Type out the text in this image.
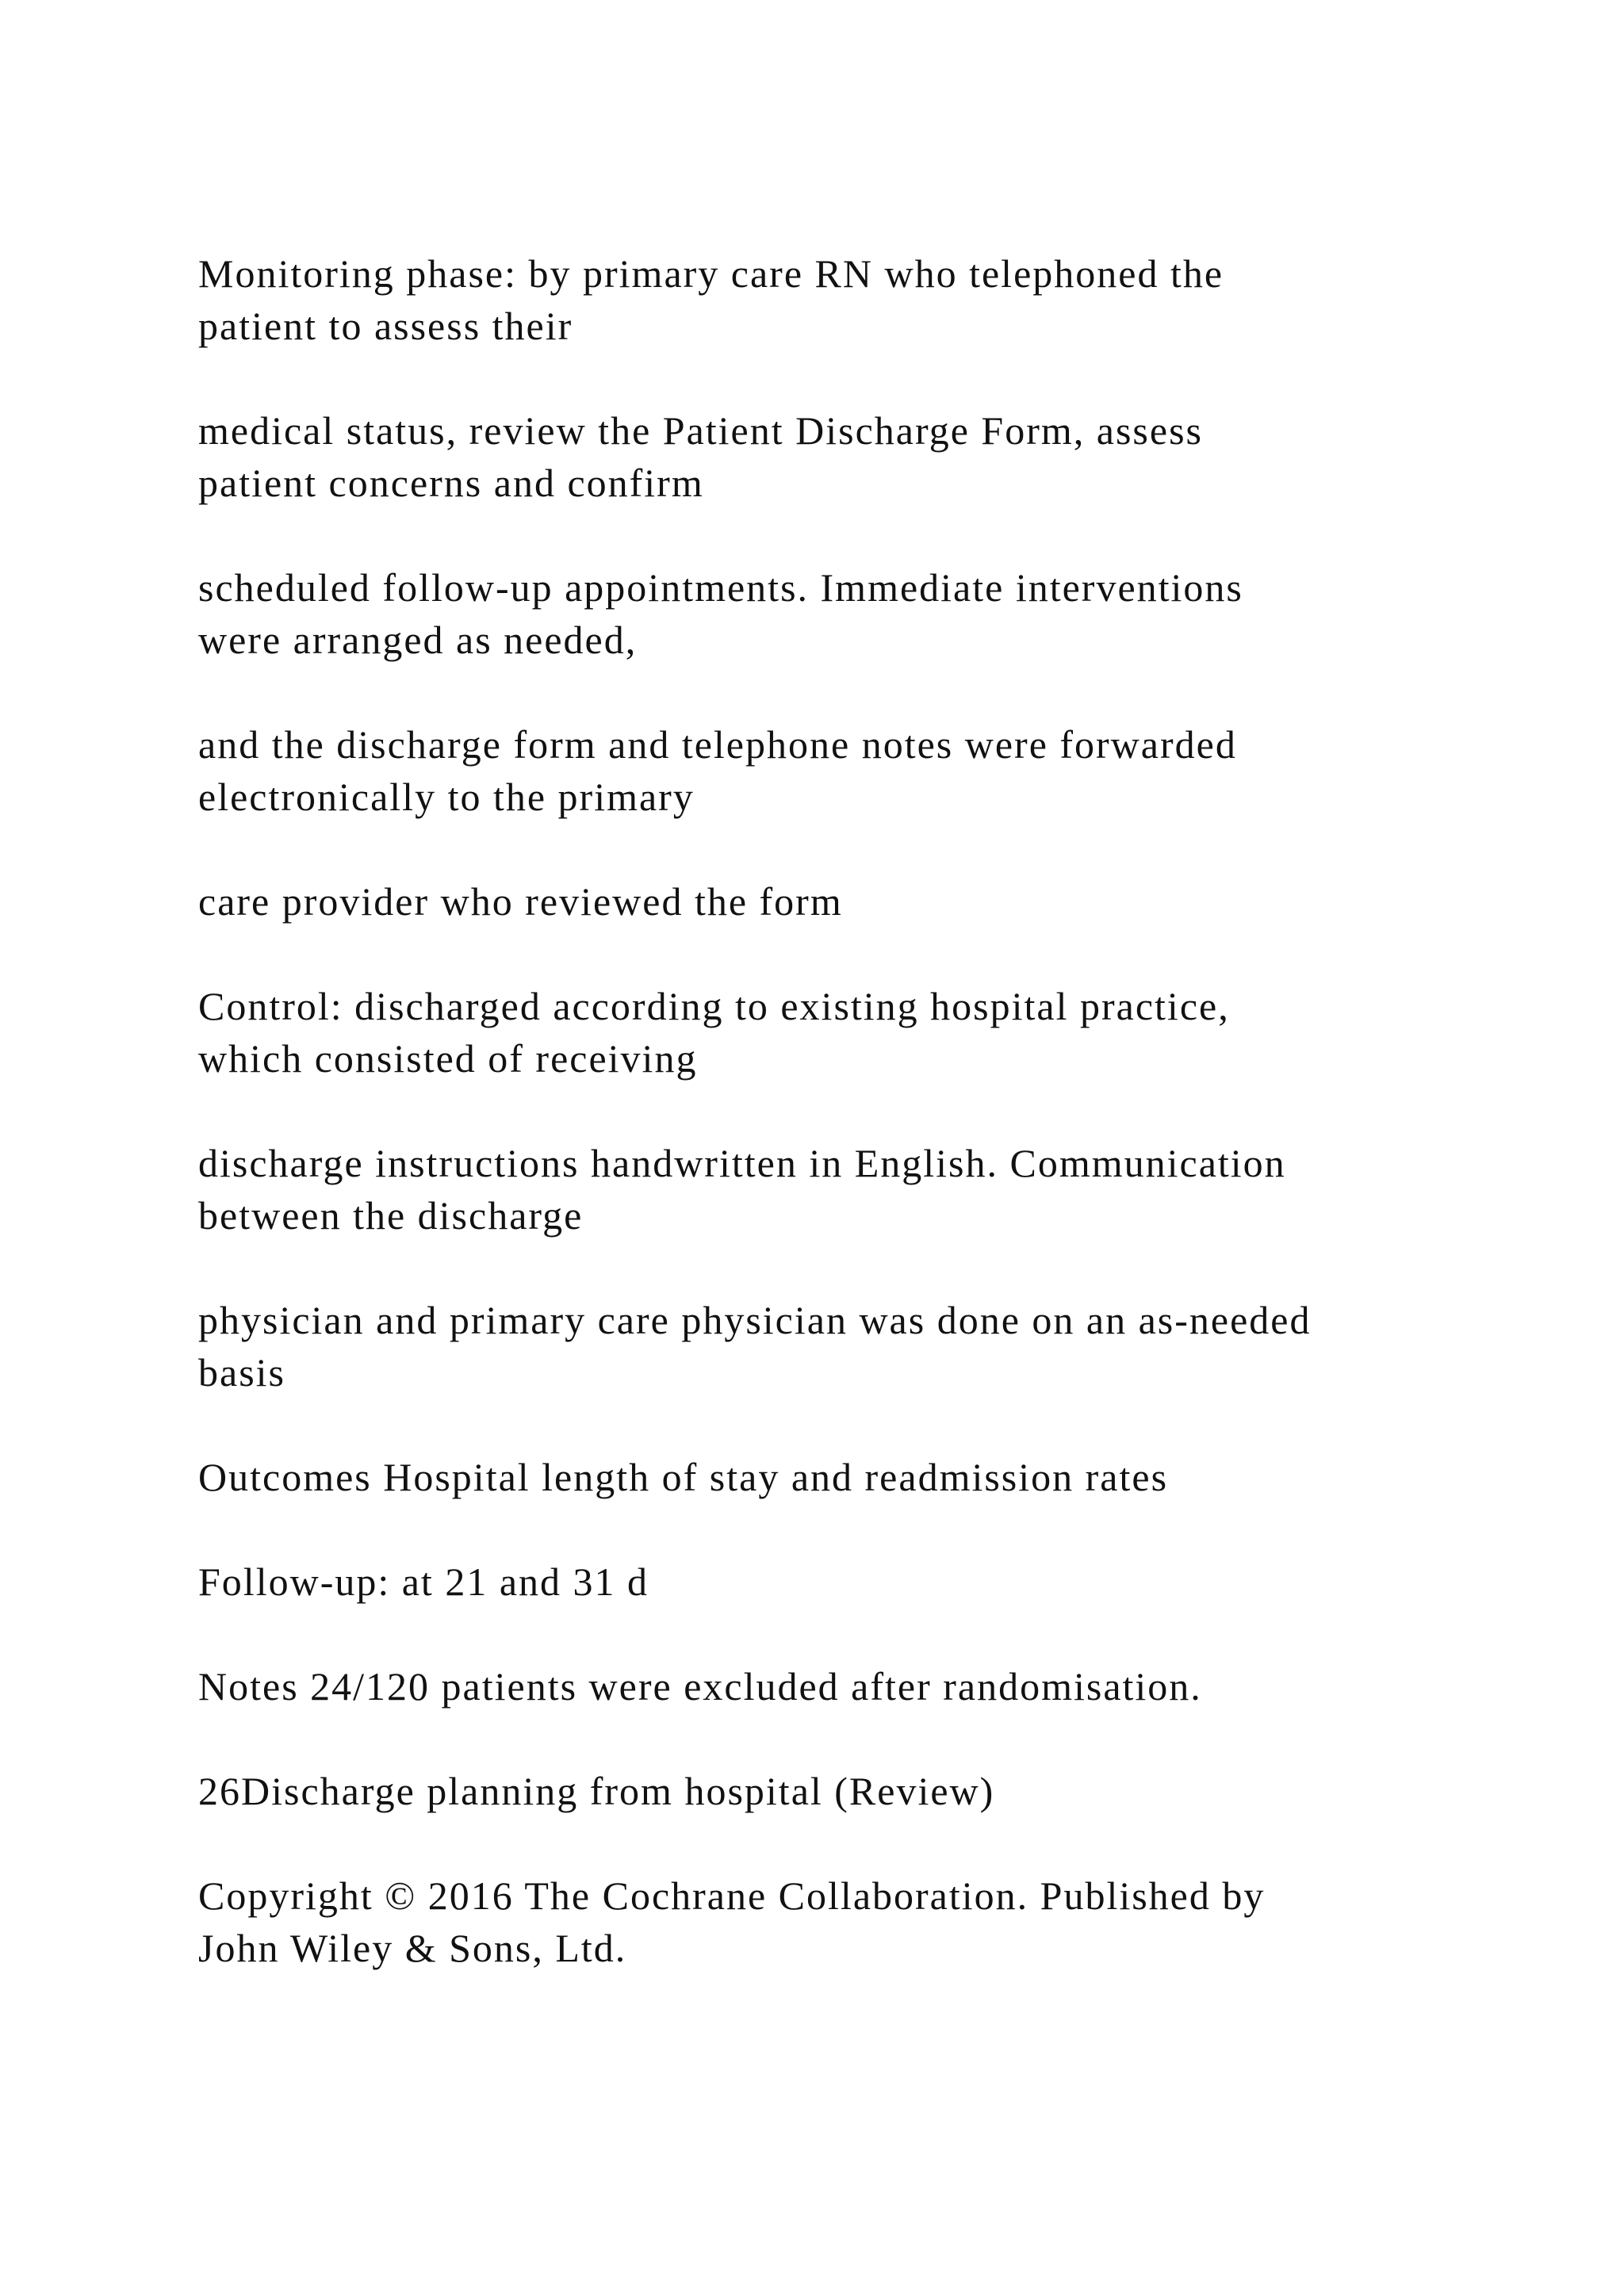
Monitoring phase: by primary care RN who telephoned the
patient to assess their

medical status, review the Patient Discharge Form, assess
patient concerns and confirm

scheduled follow-up appointments. Immediate interventions
were arranged as needed,

and the discharge form and telephone notes were forwarded
electronically to the primary

care provider who reviewed the form

Control: discharged according to existing hospital practice,
which consisted of receiving

discharge instructions handwritten in English. Communication
between the discharge

physician and primary care physician was done on an as-needed
basis

Outcomes Hospital length of stay and readmission rates

Follow-up: at 21 and 31 d

Notes 24/120 patients were excluded after randomisation.

26Discharge planning from hospital (Review)

Copyright © 2016 The Cochrane Collaboration. Published by
John Wiley & Sons, Ltd.
